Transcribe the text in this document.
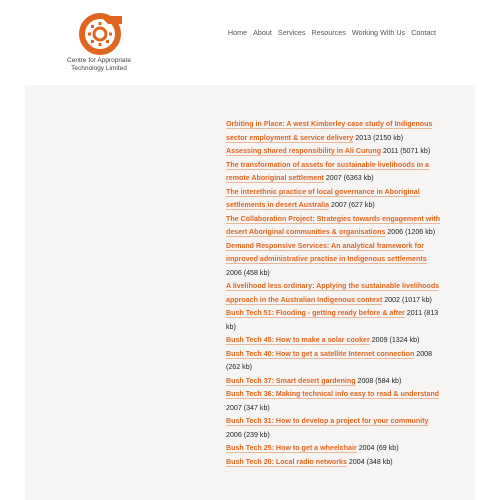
Centre for Appropriate
Technology Limited
Home About Services Resources Working With Us Contact
Orbiting in Place: A west Kimberley case study of Indigenous sector employment & service delivery 2013 (2150 kb)
Assessing shared responsibility in Ali Curung 2011 (5071 kb)
The transformation of assets for sustainable livelihoods in a remote Aboriginal settlement 2007 (6363 kb)
The interethnic practice of local governance in Aboriginal settlements in desert Australia 2007 (627 kb)
The Collaboration Project: Strategies towards engagement with desert Aboriginal communities & organisations 2006 (1206 kb)
Demand Responsive Services: An analytical framework for improved administrative practise in Indigenous settlements 2006 (458 kb)
A livelihood less ordinary: Applying the sustainable livelihoods approach in the Australian Indigenous context 2002 (1017 kb)
Bush Tech 51: Flooding - getting ready before & after 2011 (813 kb)
Bush Tech 45: How to make a solar cooker 2009 (1324 kb)
Bush Tech 40: How to get a satellite Internet connection 2008 (262 kb)
Bush Tech 37: Smart desert gardening 2008 (584 kb)
Bush Tech 36: Making technical info easy to read & understand 2007 (347 kb)
Bush Tech 31: How to develop a project for your community 2006 (239 kb)
Bush Tech 25: How to get a wheelchair 2004 (69 kb)
Bush Tech 20: Local radio networks 2004 (348 kb)
